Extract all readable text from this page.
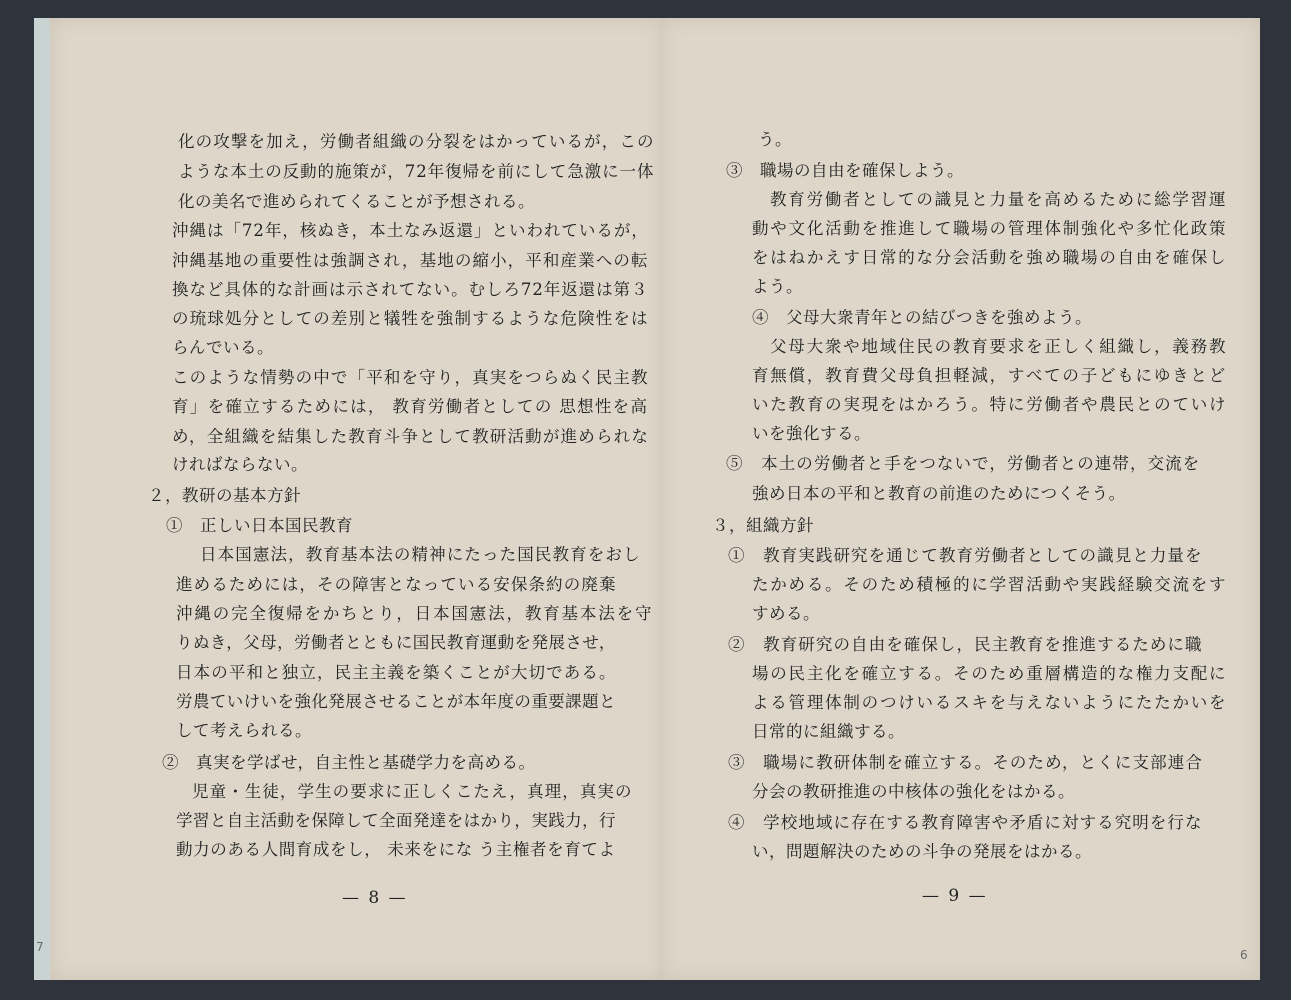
化の攻撃を加え，労働者組織の分裂をはかっているが，この
ような本土の反動的施策が，72年復帰を前にして急激に一体
化の美名で進められてくることが予想される。
沖縄は「72年，核ぬき，本土なみ返還」といわれているが，
沖縄基地の重要性は強調され，基地の縮小，平和産業への転
換など具体的な計画は示されてない。むしろ72年返還は第３
の琉球処分としての差別と犠牲を強制するような危険性をは
らんでいる。
このような情勢の中で「平和を守り，真実をつらぬく民主教
育」を確立するためには， 教育労働者としての 思想性を高
め，全組織を結集した教育斗争として教研活動が進められな
ければならない。
２，教研の基本方針
①　正しい日本国民教育
日本国憲法，教育基本法の精神にたった国民教育をおし
進めるためには，その障害となっている安保条約の廃棄
沖縄の完全復帰をかちとり，日本国憲法，教育基本法を守
りぬき，父母，労働者とともに国民教育運動を発展させ，
日本の平和と独立，民主主義を築くことが大切である。
労農ていけいを強化発展させることが本年度の重要課題と
して考えられる。
②　真実を学ばせ，自主性と基礎学力を高める。
児童・生徒，学生の要求に正しくこたえ，真理，真実の
学習と自主活動を保障して全面発達をはかり，実践力，行
動力のある人間育成をし， 未来をにな う主権者を育てよ
— 8 —
7
う。
③　職場の自由を確保しよう。
教育労働者としての識見と力量を高めるために総学習運
動や文化活動を推進して職場の管理体制強化や多忙化政策
をはねかえす日常的な分会活動を強め職場の自由を確保し
よう。
④　父母大衆青年との結びつきを強めよう。
父母大衆や地域住民の教育要求を正しく組織し，義務教
育無償，教育費父母負担軽減，すべての子どもにゆきとど
いた教育の実現をはかろう。特に労働者や農民とのていけ
いを強化する。
⑤　本土の労働者と手をつないで，労働者との連帯，交流を
強め日本の平和と教育の前進のためにつくそう。
３，組織方針
①　教育実践研究を通じて教育労働者としての識見と力量を
たかめる。そのため積極的に学習活動や実践経験交流をす
すめる。
②　教育研究の自由を確保し，民主教育を推進するために職
場の民主化を確立する。そのため重層構造的な権力支配に
よる管理体制のつけいるスキを与えないようにたたかいを
日常的に組織する。
③　職場に教研体制を確立する。そのため，とくに支部連合
分会の教研推進の中核体の強化をはかる。
④　学校地域に存在する教育障害や矛盾に対する究明を行な
い，問題解決のための斗争の発展をはかる。
— 9 —
6
